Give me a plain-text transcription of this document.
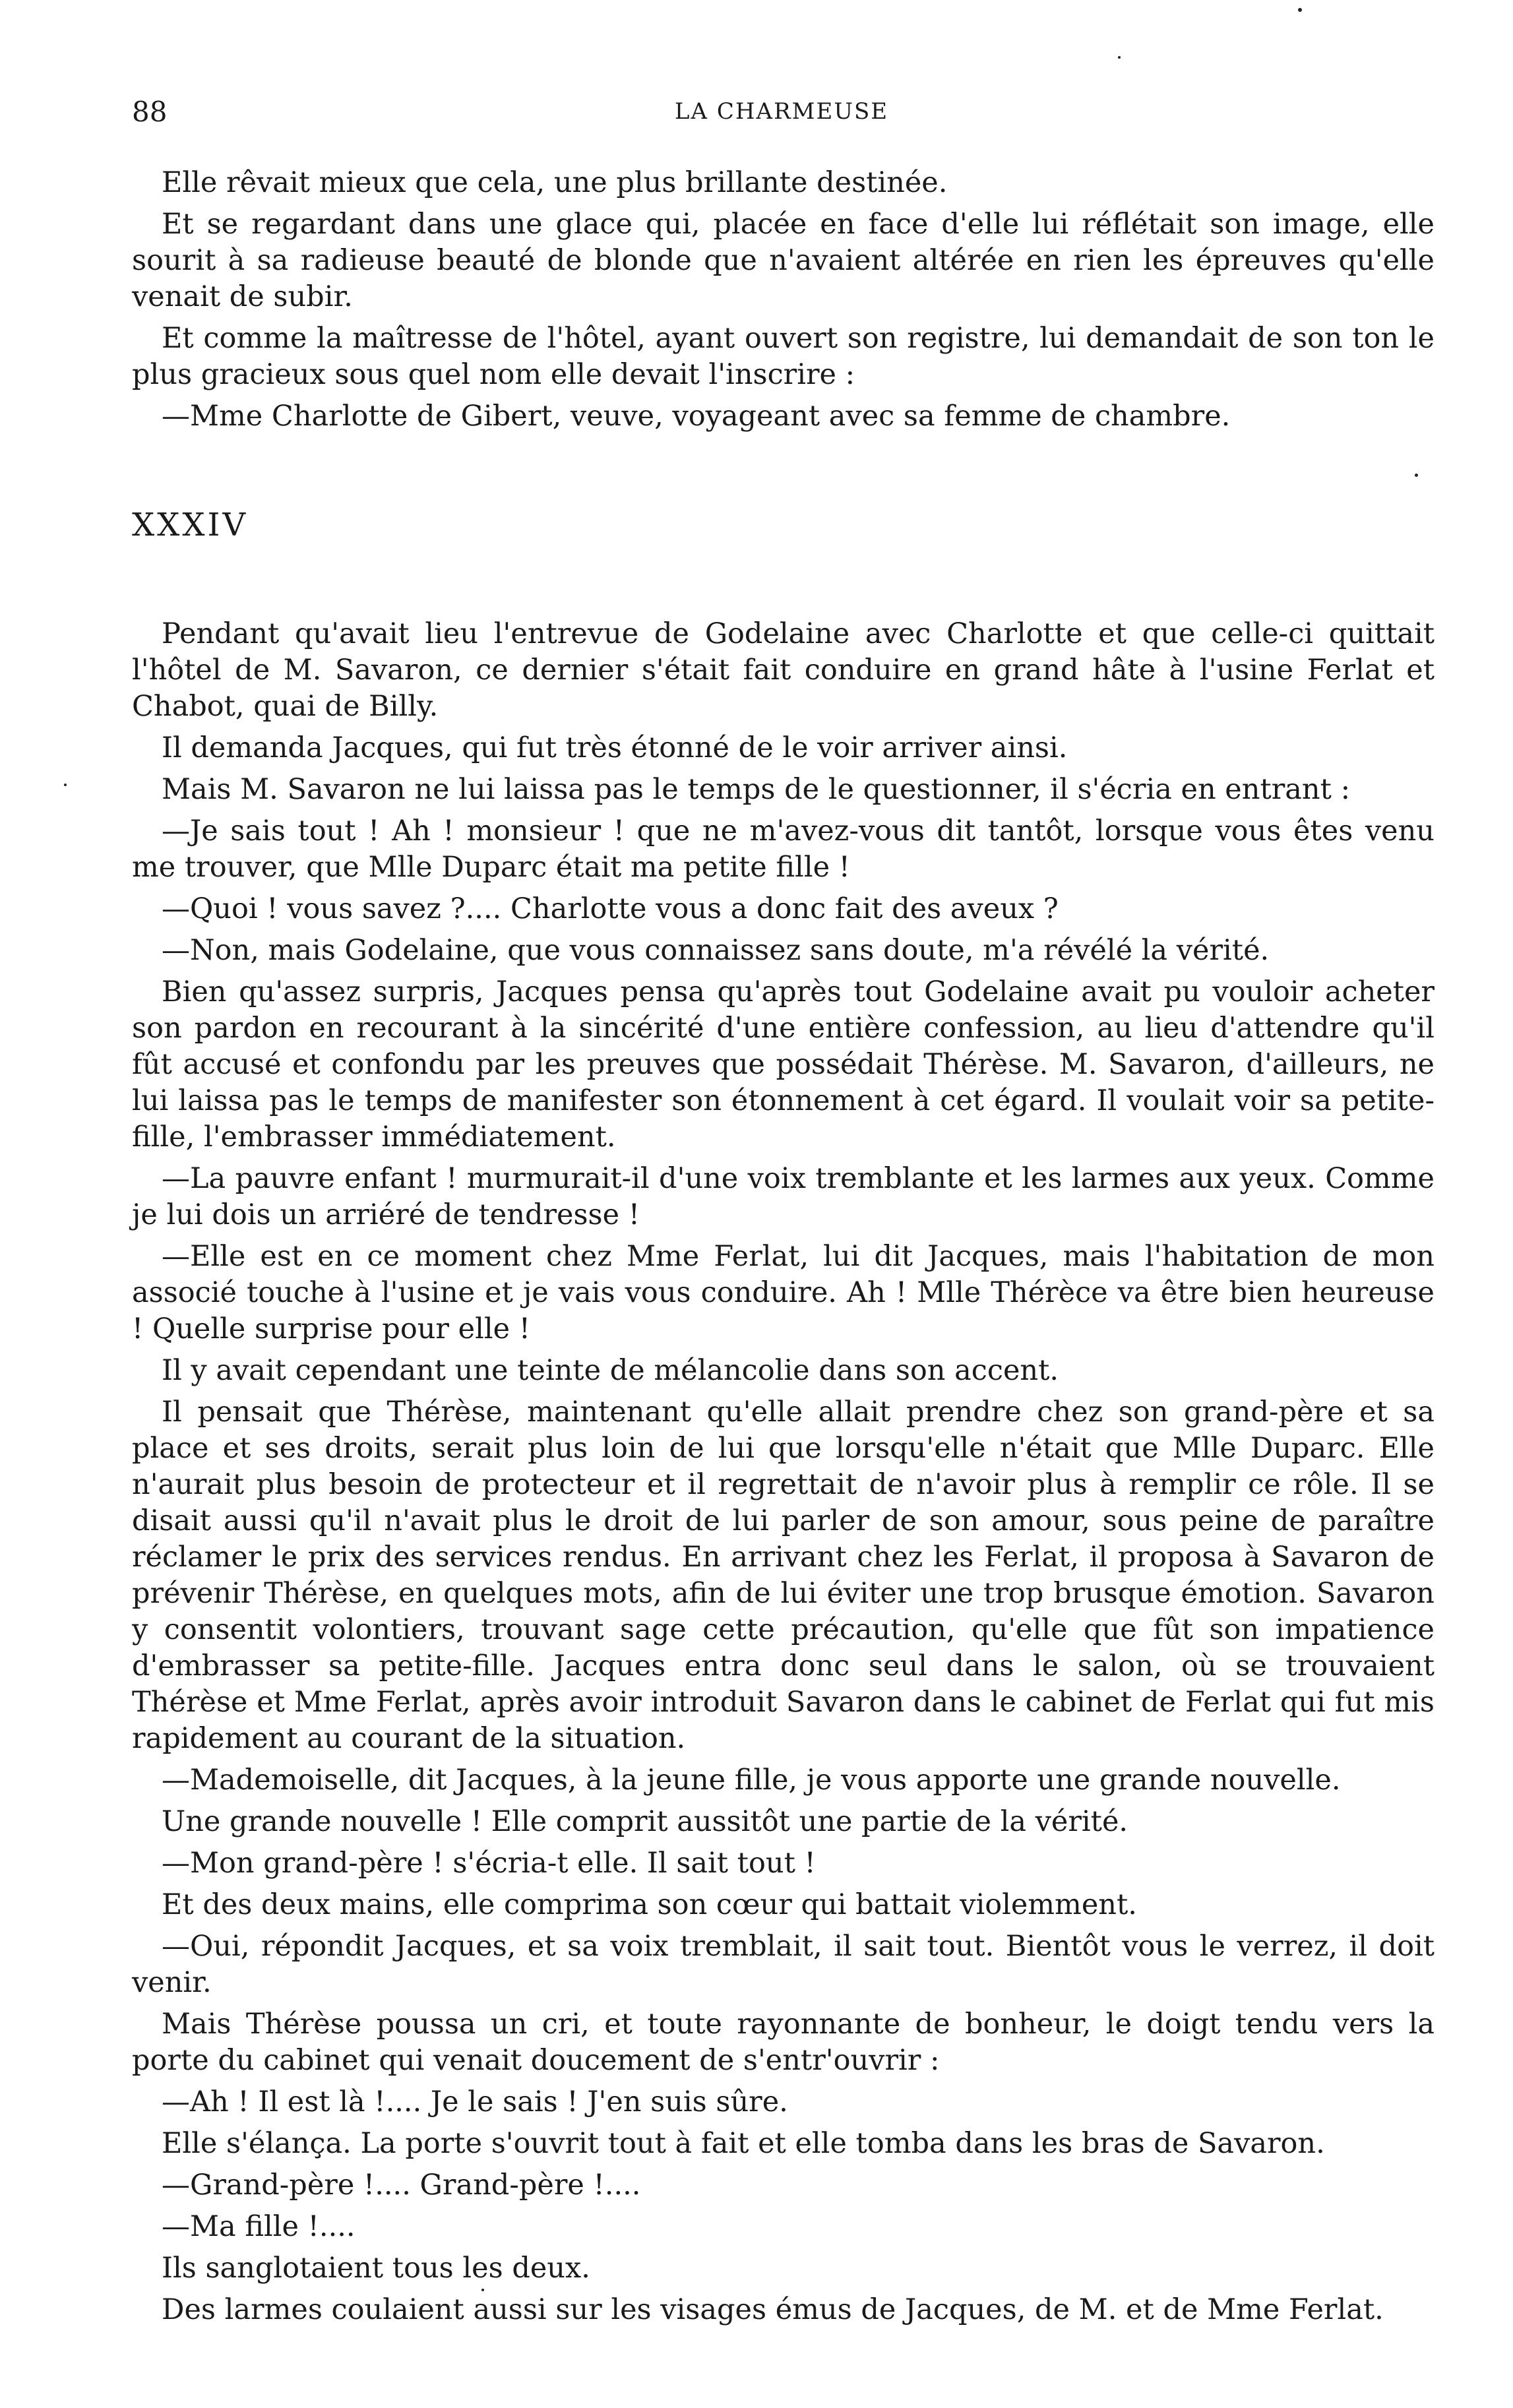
88	LA CHARMEUSE

Elle rêvait mieux que cela, une plus brillante destinée.

Et se regardant dans une glace qui, placée en face d'elle lui réflétait son image, elle sourit à sa radieuse beauté de blonde que n'avaient altérée en rien les épreuves qu'elle venait de subir.

Et comme la maîtresse de l'hôtel, ayant ouvert son registre, lui demandait de son ton le plus gracieux sous quel nom elle devait l'inscrire :

—Mme Charlotte de Gibert, veuve, voyageant avec sa femme de chambre.

XXXIV

Pendant qu'avait lieu l'entrevue de Godelaine avec Charlotte et que celle-ci quittait l'hôtel de M. Savaron, ce dernier s'était fait conduire en grand hâte à l'usine Ferlat et Chabot, quai de Billy.

Il demanda Jacques, qui fut très étonné de le voir arriver ainsi.

Mais M. Savaron ne lui laissa pas le temps de le questionner, il s'écria en entrant :

—Je sais tout ! Ah ! monsieur ! que ne m'avez-vous dit tantôt, lorsque vous êtes venu me trouver, que Mlle Duparc était ma petite fille !

—Quoi ! vous savez ?.... Charlotte vous a donc fait des aveux ?

—Non, mais Godelaine, que vous connaissez sans doute, m'a révélé la vérité.

Bien qu'assez surpris, Jacques pensa qu'après tout Godelaine avait pu vouloir acheter son pardon en recourant à la sincérité d'une entière confession, au lieu d'attendre qu'il fût accusé et confondu par les preuves que possédait Thérèse. M. Savaron, d'ailleurs, ne lui laissa pas le temps de manifester son étonnement à cet égard. Il voulait voir sa petite-fille, l'embrasser immédiatement.

—La pauvre enfant ! murmurait-il d'une voix tremblante et les larmes aux yeux. Comme je lui dois un arriéré de tendresse !

—Elle est en ce moment chez Mme Ferlat, lui dit Jacques, mais l'habitation de mon associé touche à l'usine et je vais vous conduire. Ah ! Mlle Thérèce va être bien heureuse ! Quelle surprise pour elle !

Il y avait cependant une teinte de mélancolie dans son accent.

Il pensait que Thérèse, maintenant qu'elle allait prendre chez son grand-père et sa place et ses droits, serait plus loin de lui que lorsqu'elle n'était que Mlle Duparc. Elle n'aurait plus besoin de protecteur et il regrettait de n'avoir plus à remplir ce rôle. Il se disait aussi qu'il n'avait plus le droit de lui parler de son amour, sous peine de paraître réclamer le prix des services rendus. En arrivant chez les Ferlat, il proposa à Savaron de prévenir Thérèse, en quelques mots, afin de lui éviter une trop brusque émotion. Savaron y consentit volontiers, trouvant sage cette précaution, qu'elle que fût son impatience d'embrasser sa petite-fille. Jacques entra donc seul dans le salon, où se trouvaient Thérèse et Mme Ferlat, après avoir introduit Savaron dans le cabinet de Ferlat qui fut mis rapidement au courant de la situation.

—Mademoiselle, dit Jacques, à la jeune fille, je vous apporte une grande nouvelle.

Une grande nouvelle ! Elle comprit aussitôt une partie de la vérité.

—Mon grand-père ! s'écria-t elle. Il sait tout !

Et des deux mains, elle comprima son cœur qui battait violemment.

—Oui, répondit Jacques, et sa voix tremblait, il sait tout. Bientôt vous le verrez, il doit venir.

Mais Thérèse poussa un cri, et toute rayonnante de bonheur, le doigt tendu vers la porte du cabinet qui venait doucement de s'entr'ouvrir :

—Ah ! Il est là !.... Je le sais ! J'en suis sûre.

Elle s'élança. La porte s'ouvrit tout à fait et elle tomba dans les bras de Savaron.

—Grand-père !.... Grand-père !....

—Ma fille !....

Ils sanglotaient tous les deux.

Des larmes coulaient aussi sur les visages émus de Jacques, de M. et de Mme Ferlat.
